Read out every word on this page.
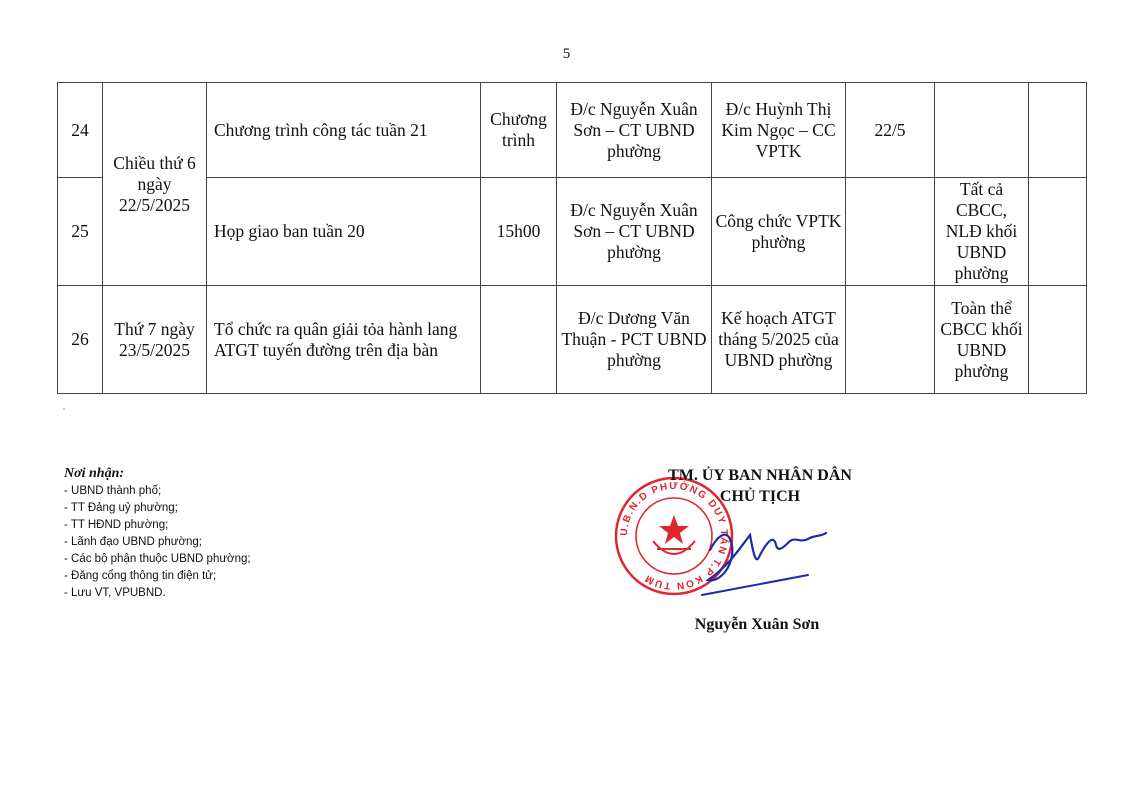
5
24	Chiều thứ 6 ngày 22/5/2025	Chương trình công tác tuần 21	Chương trình	Đ/c Nguyễn Xuân Sơn – CT UBND phường	Đ/c Huỳnh Thị Kim Ngọc – CC VPTK	22/5		
25		Họp giao ban tuần 20	15h00	Đ/c Nguyễn Xuân Sơn – CT UBND phường	Công chức VPTK phường		Tất cả CBCC, NLĐ khối UBND phường	
26	Thứ 7 ngày 23/5/2025	Tổ chức ra quân giải tỏa hành lang ATGT tuyến đường trên địa bàn		Đ/c Dương Văn Thuận - PCT UBND phường	Kế hoạch ATGT tháng 5/2025 của UBND phường		Toàn thể CBCC khối UBND phường	
Nơi nhận:
- UBND thành phố;
- TT Đảng uỷ phường;
- TT HĐND phường;
- Lãnh đạo UBND phường;
- Các bộ phận thuộc UBND phường;
- Đăng cổng thông tin điện tử;
- Lưu VT, VPUBND.
U.B.N.D PHƯỜNG DUY TÂN T.P KON TUM
TM. ỦY BAN NHÂN DÂN
CHỦ TỊCH
Nguyễn Xuân Sơn
